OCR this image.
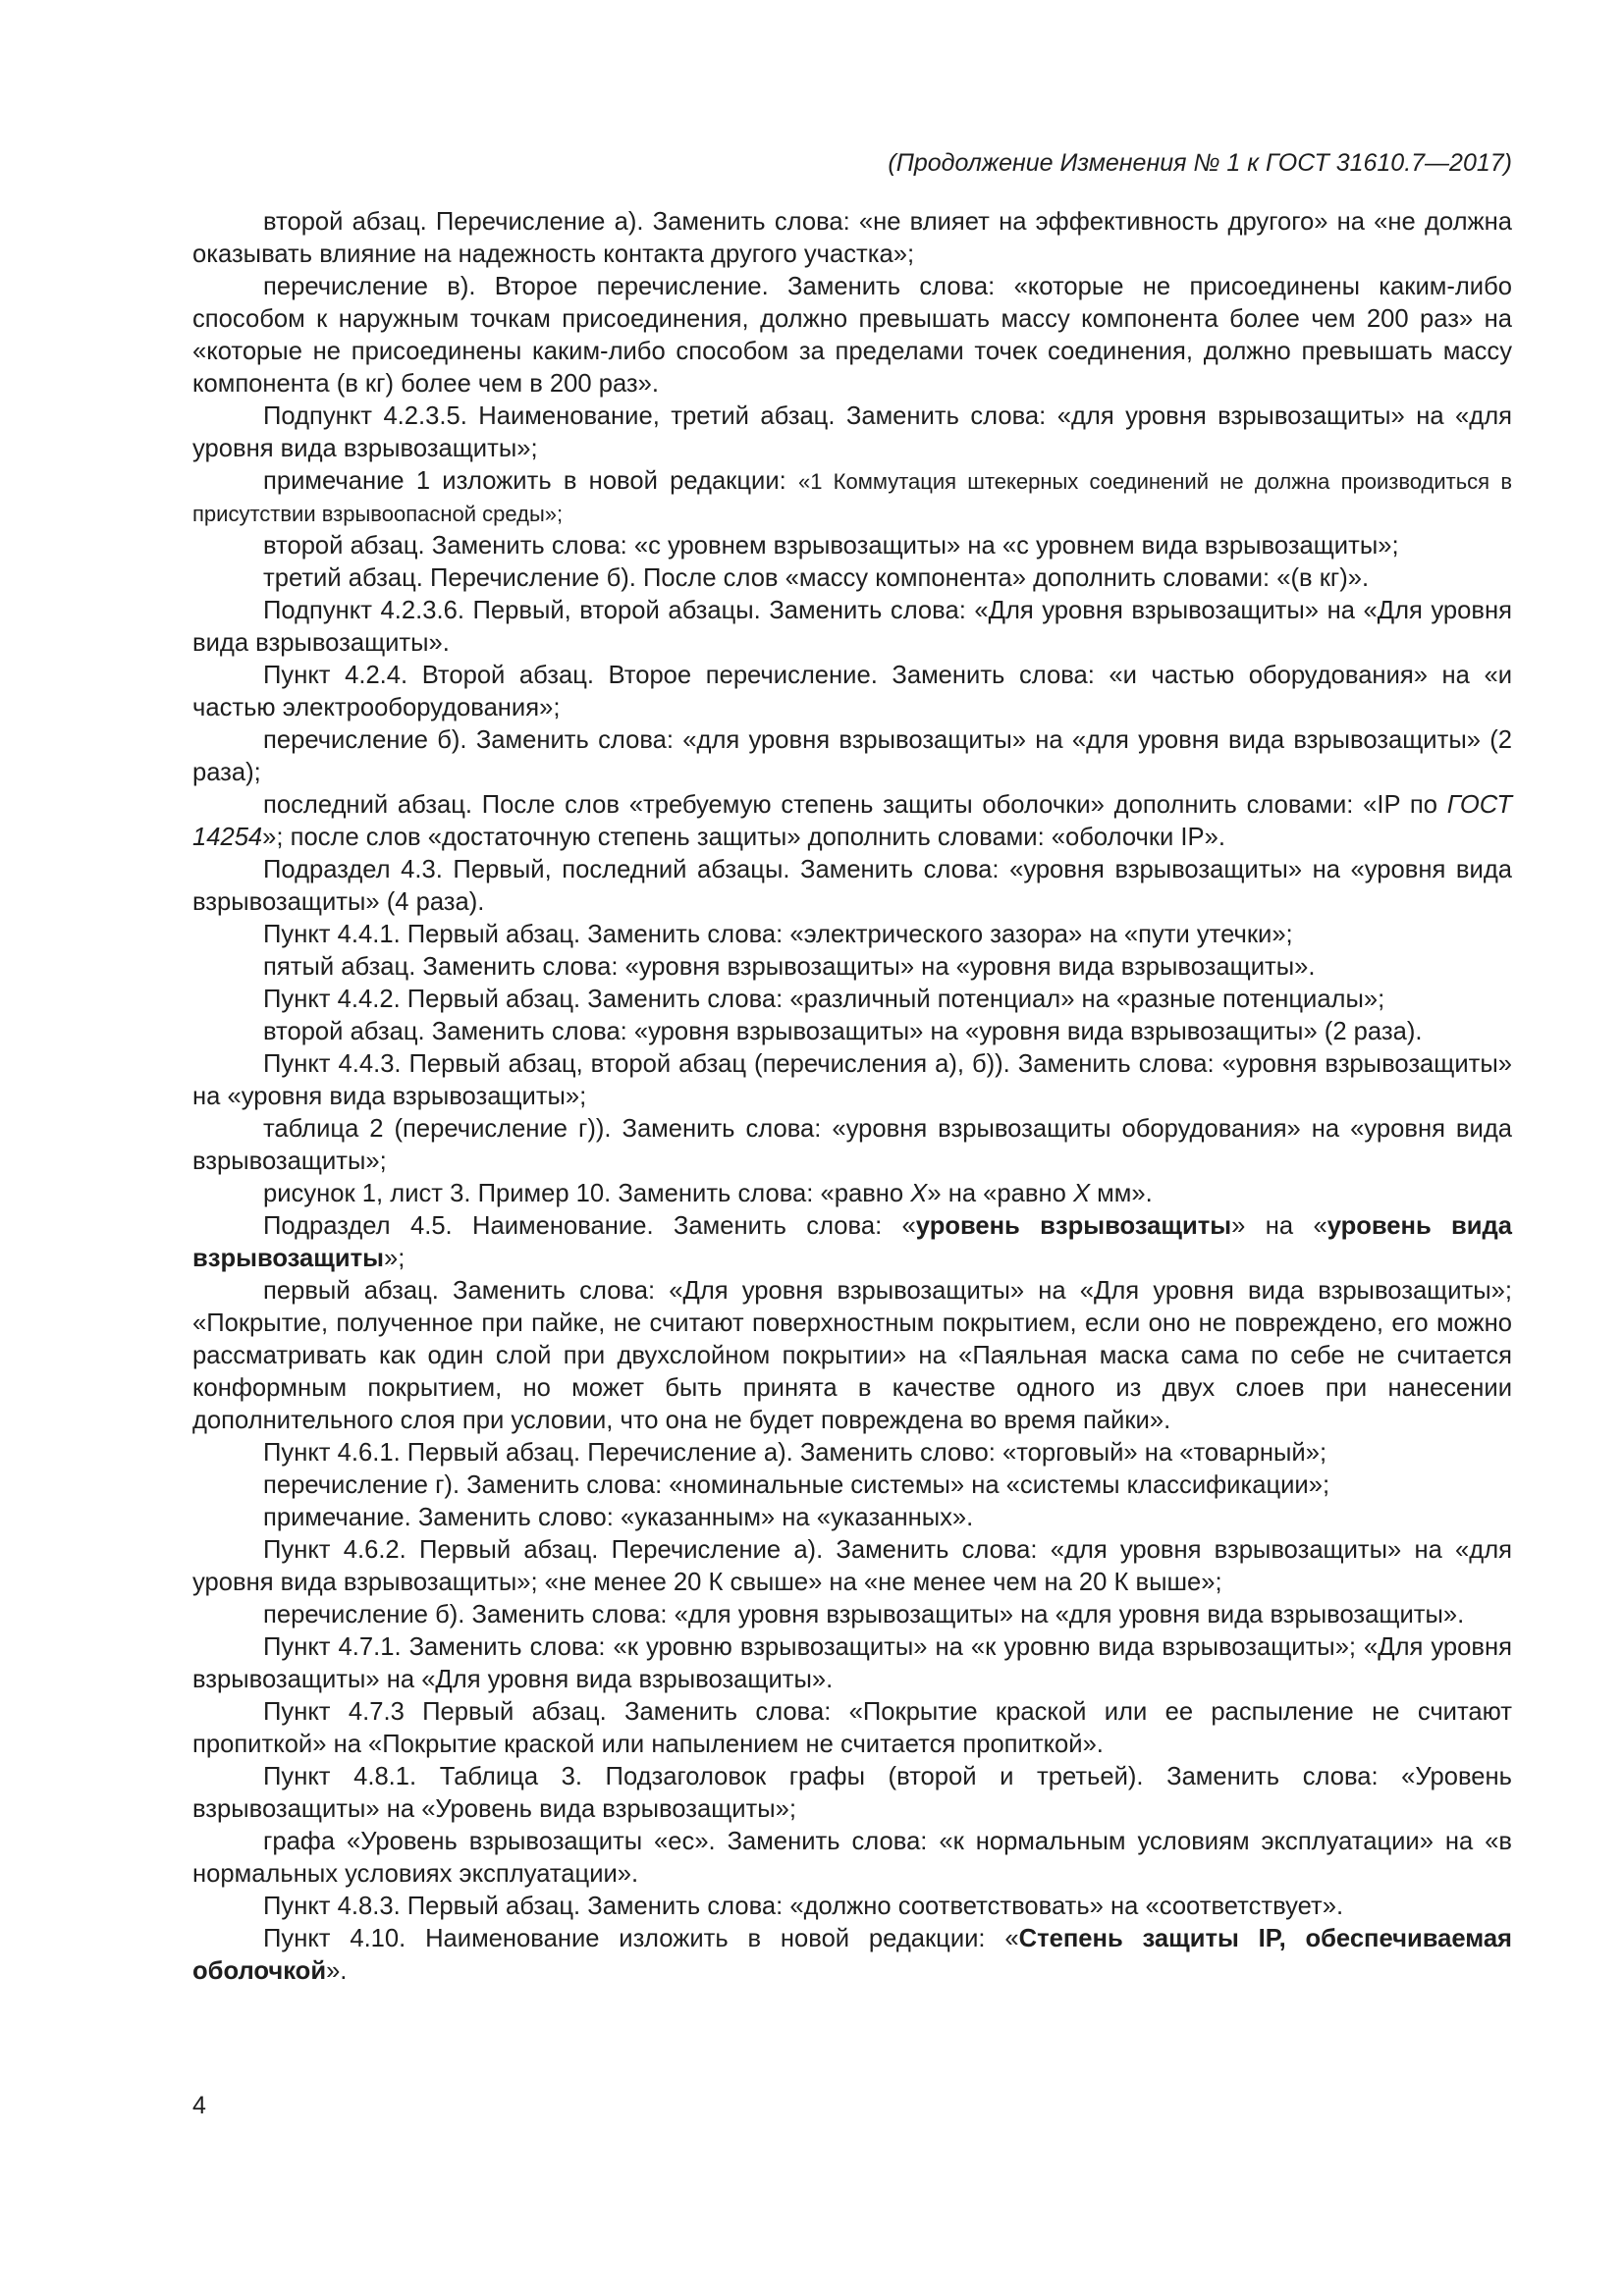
(Продолжение Изменения № 1 к ГОСТ 31610.7—2017)

второй абзац. Перечисление а). Заменить слова: «не влияет на эффективность другого» на «не должна оказывать влияние на надежность контакта другого участка»;

перечисление в). Второе перечисление. Заменить слова: «которые не присоединены каким-либо способом к наружным точкам присоединения, должно превышать массу компонента более чем 200 раз» на «которые не присоединены каким-либо способом за пределами точек соединения, должно превышать массу компонента (в кг) более чем в 200 раз».

Подпункт 4.2.3.5. Наименование, третий абзац. Заменить слова: «для уровня взрывозащиты» на «для уровня вида взрывозащиты»;

примечание 1 изложить в новой редакции: «1 Коммутация штекерных соединений не должна производиться в присутствии взрывоопасной среды»;

второй абзац. Заменить слова: «с уровнем взрывозащиты» на «с уровнем вида взрывозащиты»;

третий абзац. Перечисление б). После слов «массу компонента» дополнить словами: «(в кг)».

Подпункт 4.2.3.6. Первый, второй абзацы. Заменить слова: «Для уровня взрывозащиты» на «Для уровня вида взрывозащиты».

Пункт 4.2.4. Второй абзац. Второе перечисление. Заменить слова: «и частью оборудования» на «и частью электрооборудования»;

перечисление б). Заменить слова: «для уровня взрывозащиты» на «для уровня вида взрывозащиты» (2 раза);

последний абзац. После слов «требуемую степень защиты оболочки» дополнить словами: «IP по ГОСТ 14254»; после слов «достаточную степень защиты» дополнить словами: «оболочки IP».

Подраздел 4.3. Первый, последний абзацы. Заменить слова: «уровня взрывозащиты» на «уровня вида взрывозащиты» (4 раза).

Пункт 4.4.1. Первый абзац. Заменить слова: «электрического зазора» на «пути утечки»;

пятый абзац. Заменить слова: «уровня взрывозащиты» на «уровня вида взрывозащиты».

Пункт 4.4.2. Первый абзац. Заменить слова: «различный потенциал» на «разные потенциалы»;

второй абзац. Заменить слова: «уровня взрывозащиты» на «уровня вида взрывозащиты» (2 раза).

Пункт 4.4.3. Первый абзац, второй абзац (перечисления а), б)). Заменить слова: «уровня взрывозащиты» на «уровня вида взрывозащиты»;

таблица 2 (перечисление г)). Заменить слова: «уровня взрывозащиты оборудования» на «уровня вида взрывозащиты»;

рисунок 1, лист 3. Пример 10. Заменить слова: «равно X» на «равно X мм».

Подраздел 4.5. Наименование. Заменить слова: «уровень взрывозащиты» на «уровень вида взрывозащиты»;

первый абзац. Заменить слова: «Для уровня взрывозащиты» на «Для уровня вида взрывозащиты»; «Покрытие, полученное при пайке, не считают поверхностным покрытием, если оно не повреждено, его можно рассматривать как один слой при двухслойном покрытии» на «Паяльная маска сама по себе не считается конформным покрытием, но может быть принята в качестве одного из двух слоев при нанесении дополнительного слоя при условии, что она не будет повреждена во время пайки».

Пункт 4.6.1. Первый абзац. Перечисление а). Заменить слово: «торговый» на «товарный»;

перечисление г). Заменить слова: «номинальные системы» на «системы классификации»;

примечание. Заменить слово: «указанным» на «указанных».

Пункт 4.6.2. Первый абзац. Перечисление а). Заменить слова: «для уровня взрывозащиты» на «для уровня вида взрывозащиты»; «не менее 20 К свыше» на «не менее чем на 20 К выше»;

перечисление б). Заменить слова: «для уровня взрывозащиты» на «для уровня вида взрывозащиты».

Пункт 4.7.1. Заменить слова: «к уровню взрывозащиты» на «к уровню вида взрывозащиты»; «Для уровня взрывозащиты» на «Для уровня вида взрывозащиты».

Пункт 4.7.3 Первый абзац. Заменить слова: «Покрытие краской или ее распыление не считают пропиткой» на «Покрытие краской или напылением не считается пропиткой».

Пункт 4.8.1. Таблица 3. Подзаголовок графы (второй и третьей). Заменить слова: «Уровень взрывозащиты» на «Уровень вида взрывозащиты»;

графа «Уровень взрывозащиты «ес». Заменить слова: «к нормальным условиям эксплуатации» на «в нормальных условиях эксплуатации».

Пункт 4.8.3. Первый абзац. Заменить слова: «должно соответствовать» на «соответствует».

Пункт 4.10. Наименование изложить в новой редакции: «Степень защиты IP, обеспечиваемая оболочкой».

4
